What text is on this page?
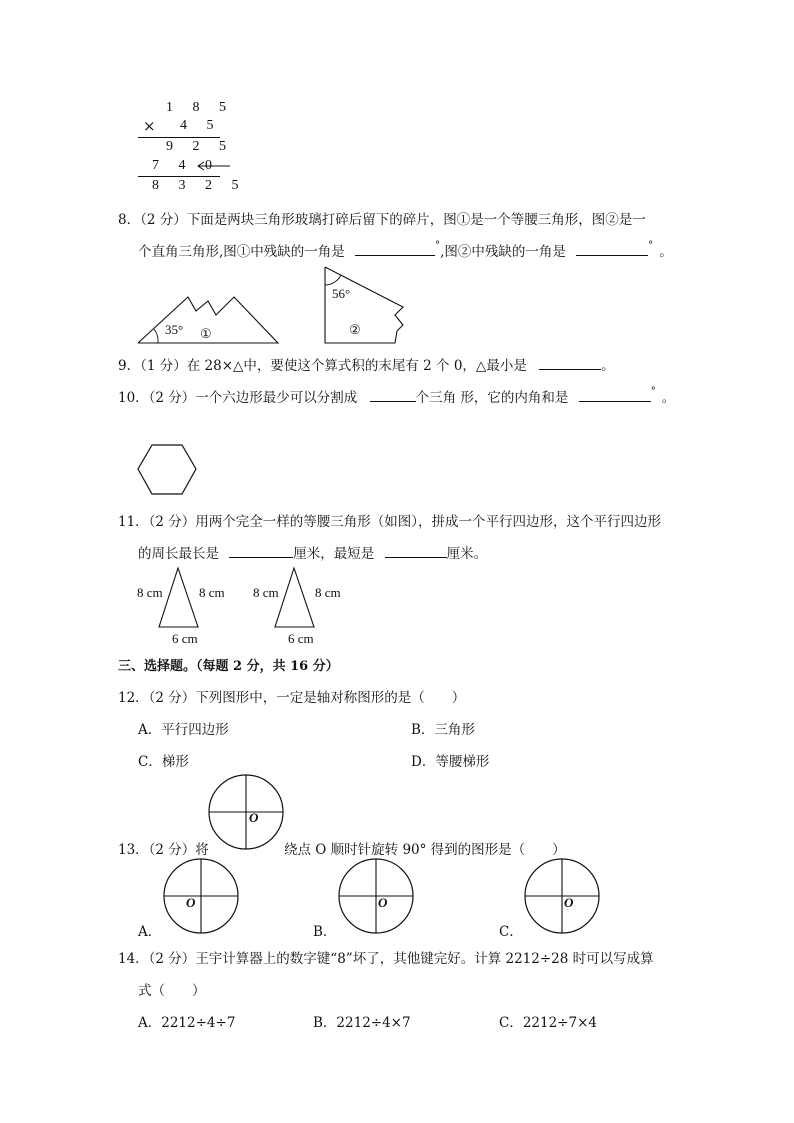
1 8 5
× 4 5
9 2 5
7 4 0
8 3 2 5
8．（2 分）下面是两块三角形玻璃打碎后留下的碎片，图①是一个等腰三角形，图②是一
个直角三角形,图①中残缺的一角是	°,图②中残缺的一角是	° 。
35° ①
56°
②
9．（1 分）在 28×△中，要使这个算式积的末尾有 2 个 0，△最小是	。
10．（2 分）一个六边形最少可以分割成	个三角 形，它的内角和是	° 。
11．（2 分）用两个完全一样的等腰三角形（如图），拼成一个平行四边形，这个平行四边形
的周长最长是	厘米，最短是	厘米。
8 cm	8 cm
6 cm
8 cm	8 cm
6 cm
三、选择题。（每题 2 分，共 16 分）
12．（2 分）下列图形中，一定是轴对称图形的是（　　）
A．平行四边形	B．三角形
C．梯形	D．等腰梯形
O
13．（2 分）将	绕点 O 顺时针旋转 90° 得到的图形是（　　）
O
A．
O
B．
O
C．
14．（2 分）王宇计算器上的数字键“8”坏了，其他键完好。计算 2212÷28 时可以写成算
式（　　）
A．2212÷4÷7	B．2212÷4×7	C．2212÷7×4
